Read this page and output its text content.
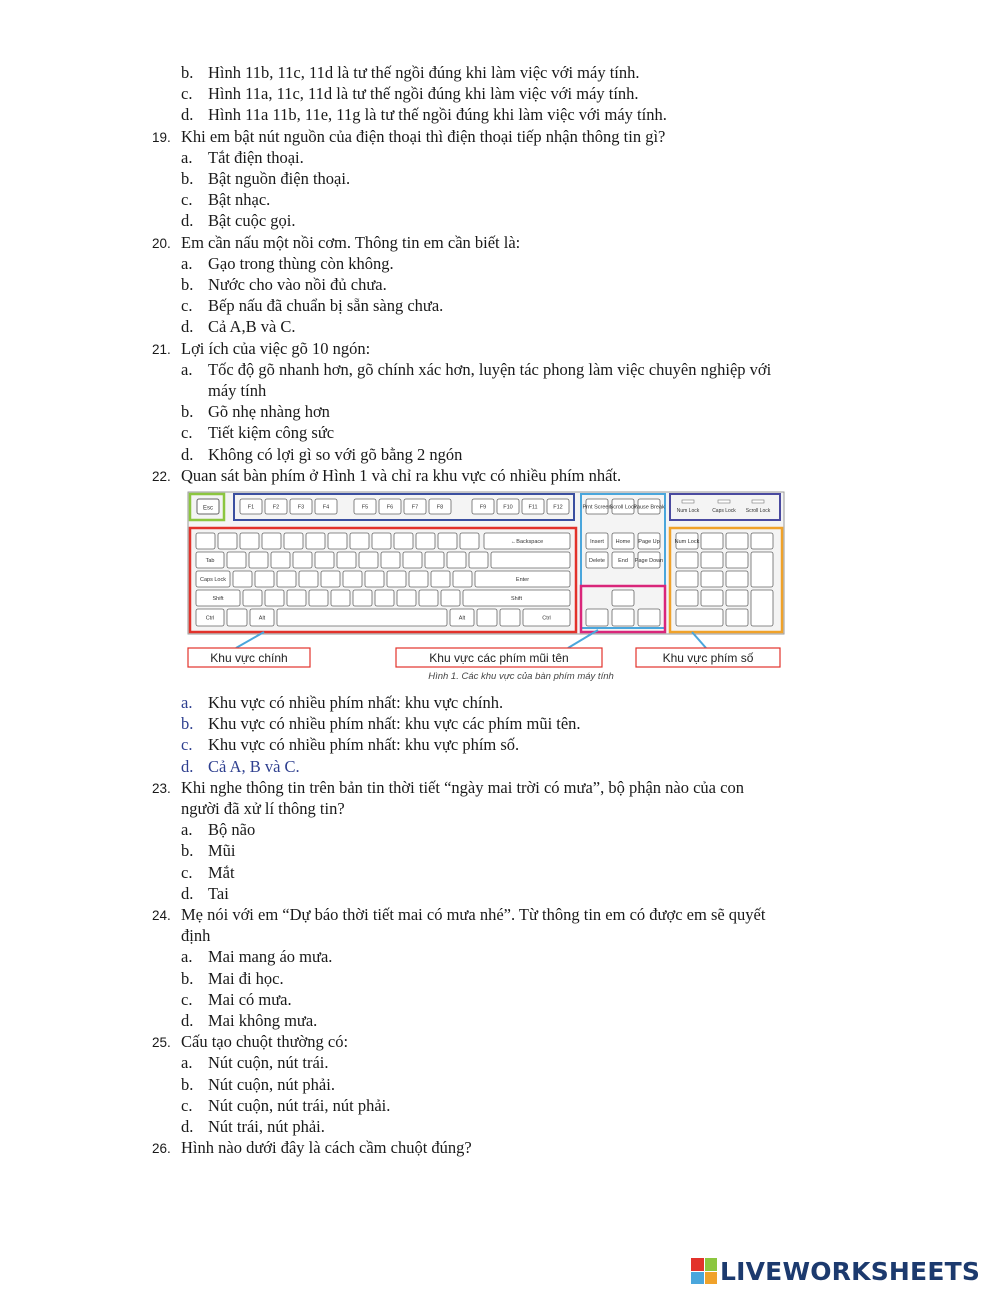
b. Hình 11b, 11c, 11d là tư thế ngồi đúng khi làm việc với máy tính.
c. Hình 11a, 11c, 11d là tư thế ngồi đúng khi làm việc với máy tính.
d. Hình 11a 11b, 11e, 11g là tư thế ngồi đúng khi làm việc với máy tính.
19. Khi em bật nút nguồn của điện thoại thì điện thoại tiếp nhận thông tin gì?
a. Tắt điện thoại.
b. Bật nguồn điện thoại.
c. Bật nhạc.
d. Bật cuộc gọi.
20. Em cần nấu một nồi cơm. Thông tin em cần biết là:
a. Gạo trong thùng còn không.
b. Nước cho vào nồi đủ chưa.
c. Bếp nấu đã chuẩn bị sẵn sàng chưa.
d. Cả A,B và C.
21. Lợi ích của việc gõ 10 ngón:
a. Tốc độ gõ nhanh hơn, gõ chính xác hơn, luyện tác phong làm việc chuyên nghiệp với
máy tính
b. Gõ nhẹ nhàng hơn
c. Tiết kiệm công sức
d. Không có lợi gì so với gõ bằng 2 ngón
22. Quan sát bàn phím ở Hình 1 và chỉ ra khu vực có nhiều phím nhất.
a. Khu vực có nhiều phím nhất: khu vực chính.
b. Khu vực có nhiều phím nhất: khu vực các phím mũi tên.
c. Khu vực có nhiều phím nhất: khu vực phím số.
d. Cả A, B và C.
23. Khi nghe thông tin trên bản tin thời tiết “ngày mai trời có mưa”, bộ phận nào của con
người đã xử lí thông tin?
a. Bộ não
b. Mũi
c. Mắt
d. Tai
24. Mẹ nói với em “Dự báo thời tiết mai có mưa nhé”. Từ thông tin em có được em sẽ quyết
định
a. Mai mang áo mưa.
b. Mai đi học.
c. Mai có mưa.
d. Mai không mưa.
25. Cấu tạo chuột thường có:
a. Nút cuộn, nút trái.
b. Nút cuộn, nút phải.
c. Nút cuộn, nút trái, nút phải.
d. Nút trái, nút phải.
26. Hình nào dưới đây là cách cầm chuột đúng?
Esc	F1	F2	F3	F4	F5	F6	F7	F8	F9	F10	F11	F12
Num Lock	Caps Lock Scroll Lock
←Backspace
Tab
Caps Lock	Enter
Shift	Shift
Ctrl	Alt	Alt	Ctrl
Prnt Screen
Scroll Lock
Pause Break
Insert Home Page Up
Delete End Page Down
Num Lock
Khu vực chính	Khu vực các phím mũi tên	Khu vực phím số
Hình 1. Các khu vực của bàn phím máy tính
LIVEWORKSHEETS
